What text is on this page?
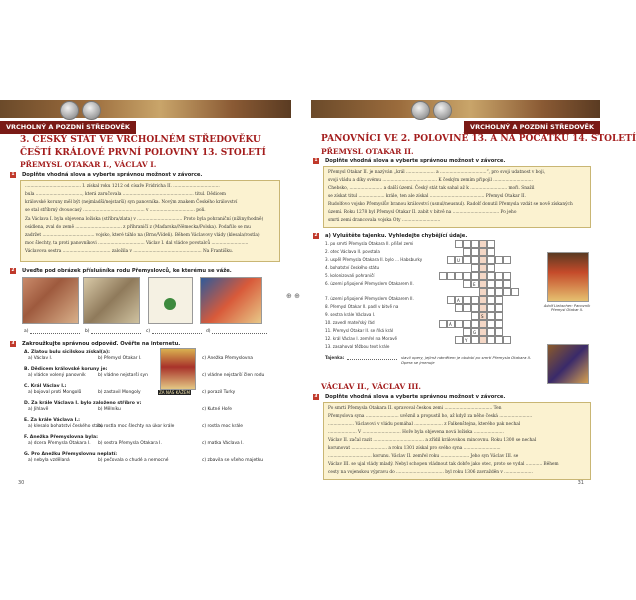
VRCHOLNÝ A POZDNÍ STŘEDOVĚK
3. ČESKÝ STÁT VE VRCHOLNÉM STŘEDOVĚKU
ČEŠTÍ KRÁLOVÉ PRVNÍ POLOVINY 13. STOLETÍ
PŘEMYSL OTAKAR I., VÁCLAV I.
1 Doplňte vhodná slova a vyberte správnou možnost v závorce.
......................................... I. získal roku 1212 od císaře Fridricha II. ..................................
bula .................................., která zaručovala .................................................... titul. Dědicem
královské koruny měl být (nejmladší/nejstarší) syn panovníka. Novým znakem Českého království
se stal stříbrný dvouocasý ............................................. v ................................. poli.
Za Václava I. byla objevena ložiska (stříbra/zlata) v ................................. Proto byla pohraniční (nížiny/hodně)
osídlena, zval do země .................................. z příhraničí z (Maďarska/Německa/Polska). Podařilo se mu
zadržet ...................................... vojsko, které táhlo na (Brno/Vídeň). Během Václavovy vlády (klesala/rostla)
moc šlechty, ta proti panovníkovi .................................. Václav I. dal vládce povstalců ...........................
Václavova sestra ................................... založila v .................................................. Na Františku.
2 Uveďte pod obrázek příslušníka rodu Přemyslovců, ke kterému se váže.
a)	b)	c)	d)
3 Zakroužkujte správnou odpověď. Ověřte na internetu.
A. Zlatou bulu sicilskou získal(a):
a) Václav I.	b) Přemysl Otakar I.	c) Anežka Přemyslovna
B. Dědicem královské koruny je:
a) vládce volený panovník	b) vládne nejstarší syn	c) vládne nejstarší člen rodu
C. Král Václav I.:
a) bojoval proti Mongolů	b) zastavil Mongoly	c) porazil Turky
D. Za krále Václava I. bylo založeno stříbro v:
a) Jihlavě	b) Mělníku	c) Kutné Hoře
E. Za krále Václava I.:
a) klesalo bohatství českého státu
b) rostla moc šlechty na úkor krále	c) rostla moc krále
F. Anežka Přemyslovna byla:
a) dcera Přemysla Otakara I. b) sestra Přemysla Otakara I.	c) matka Václava I.
G. Pro Anežku Přemyslovnu neplatí:
a) nebyla vzdělaná	b) pečovala o chudé a nemocné	c) zbavila se všeho majetku
ZA NÁS KÁŽEM
30
⊕ ⊕
VRCHOLNÝ A POZDNÍ STŘEDOVĚK
PANOVNÍCI VE 2. POLOVINĚ 13. A NA POČÁTKU 14. STOLETÍ
PŘEMYSL OTAKAR II.
1 Doplňte vhodná slova a vyberte správnou možnost v závorce.
Přemysl Otakar II. je nazýván „král ..................... a ..................................“, pro svoji udatnost v boji,
svoji vládu a díky svému ........................................ K českým zemím připojil .............................
Chebsko, ........................ a další území. Český stát tak sahal až k ........................... moři. Snažil
se získat titul ................... krále, ten ale získal ........................................ Přemysl Otakar II.
Rudolfovo vojsko Přemyslův branou království (usnul/neusnul). Radolf donutil Přemysla vzdát se nově získaných
území. Roku 1278 byl Přemysl Otakar II. zabit v bitvě na .................................. Po jeho
smrti zemi drancovala vojska Oty ............................
2 a) Vyluštěte tajenku. Vyhledejte chybějící údaje.
1. po smrti Přemysla Otakara II. přišel zemi
2. otec Václava II. povstala
3. uspěl Přemysla Otakara II. bylo ... Habsburky
4. bohatství českého státu
5. kolonizovali pohraničí
6. území připojené Přemyslem Otakarem II.
7. území připojené Přemyslem Otakarem II.
8. Přemysl Otakar II. padl v bitvě na
9. sestra krále Václava I.
10. zavedl mateřský řád
11. Přemysl Otakar II. se říká král
12. král Václav I. zemřel na Moravě
13. zasahoval těžbou text krále
U
E
A
S
Á
G
Y
Adolf Liebscher: Panovník Přemysl Otakar II.
Tajenka:	slavil opery, jejímž námětem je období po smrti Přemysla Otakara II. Opera se jmenuje
VÁCLAV II., VÁCLAV III.
3 Doplňte vhodná slova a vyberte správnou možnost v závorce.
Po smrti Přemysla Otakara II. spravoval českou zemi ................................... Ten
Přemyslova syna ........................ uvěznil a propustil ho, až když za něho česká ........................
................... Václavovi v vládu pomáhal ..................... z Falkenštejna, kterého pak nechal
..................... V ............................ Hoře byla objevena nová ložiska ......................
Václav II. začal razit ..................................... a zřídil královskou mincovnu. Roku 1300 se nechal
korunovat .......................... a roku 1301 získal pro svého syna ...........................
................................ korunu. Václav II. zemřel roku ..................... Jeho syn Václav III. se
Václav III. se ujal vlády mladý. Nebyl schopen vládnout tak dobře jako otec, proto se vydal ............ Během
cesty na vojenskou výpravu do ................................... byl roku 1306 zavražděn v .....................
31
